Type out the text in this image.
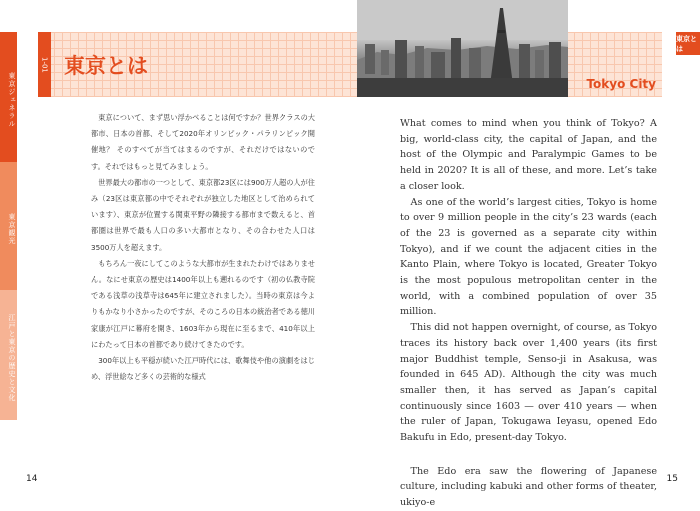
東京ジェネラル
東京観光
江戸と東京の歴史と文化
1-01 東京とは
Tokyo City
東京とは

東京について、まず思い浮かべることは何ですか？世界クラスの大都市、日本の首都、そして2020年オリンピック・パラリンピック開催地？ そのすべてが当てはまるのですが、それだけではないのです。それではもっと見てみましょう。

世界最大の都市の一つとして、東京都23区には900万人超の人が住み（23区は東京都の中でそれぞれが独立した地区として治められています）、東京が位置する関東平野の隣接する都市まで数えると、首都圏は世界で最も人口の多い大都市となり、その合わせた人口は3500万人を超えます。

もちろん一夜にしてこのような大都市が生まれたわけではありません。なにせ東京の歴史は1400年以上も遡れるのです（初の仏教寺院である浅草の浅草寺は645年に建立されました）。当時の東京は今よりもかなり小さかったのですが、そのころの日本の統治者である徳川家康が江戸に幕府を開き、1603年から現在に至るまで、410年以上にわたって日本の首都であり続けてきたのです。

300年以上も平穏が続いた江戸時代には、歌舞伎や他の演劇をはじめ、浮世絵など多くの芸術的な様式

What comes to mind when you think of Tokyo? A big, world-class city, the capital of Japan, and the host of the Olympic and Paralympic Games to be held in 2020? It is all of these, and more. Let’s take a closer look.

As one of the world’s largest cities, Tokyo is home to over 9 million people in the city’s 23 wards (each of the 23 is governed as a separate city within Tokyo), and if we count the adjacent cities in the Kanto Plain, where Tokyo is located, Greater Tokyo is the most populous metropolitan center in the world, with a combined population of over 35 million.

This did not happen overnight, of course, as Tokyo traces its history back over 1,400 years (its first major Buddhist temple, Senso-ji in Asakusa, was founded in 645 AD). Although the city was much smaller then, it has served as Japan’s capital continuously since 1603 — over 410 years — when the ruler of Japan, Tokugawa Ieyasu, opened Edo Bakufu in Edo, present-day Tokyo.

The Edo era saw the flowering of Japanese culture, including kabuki and other forms of theater, ukiyo-e

14	15
